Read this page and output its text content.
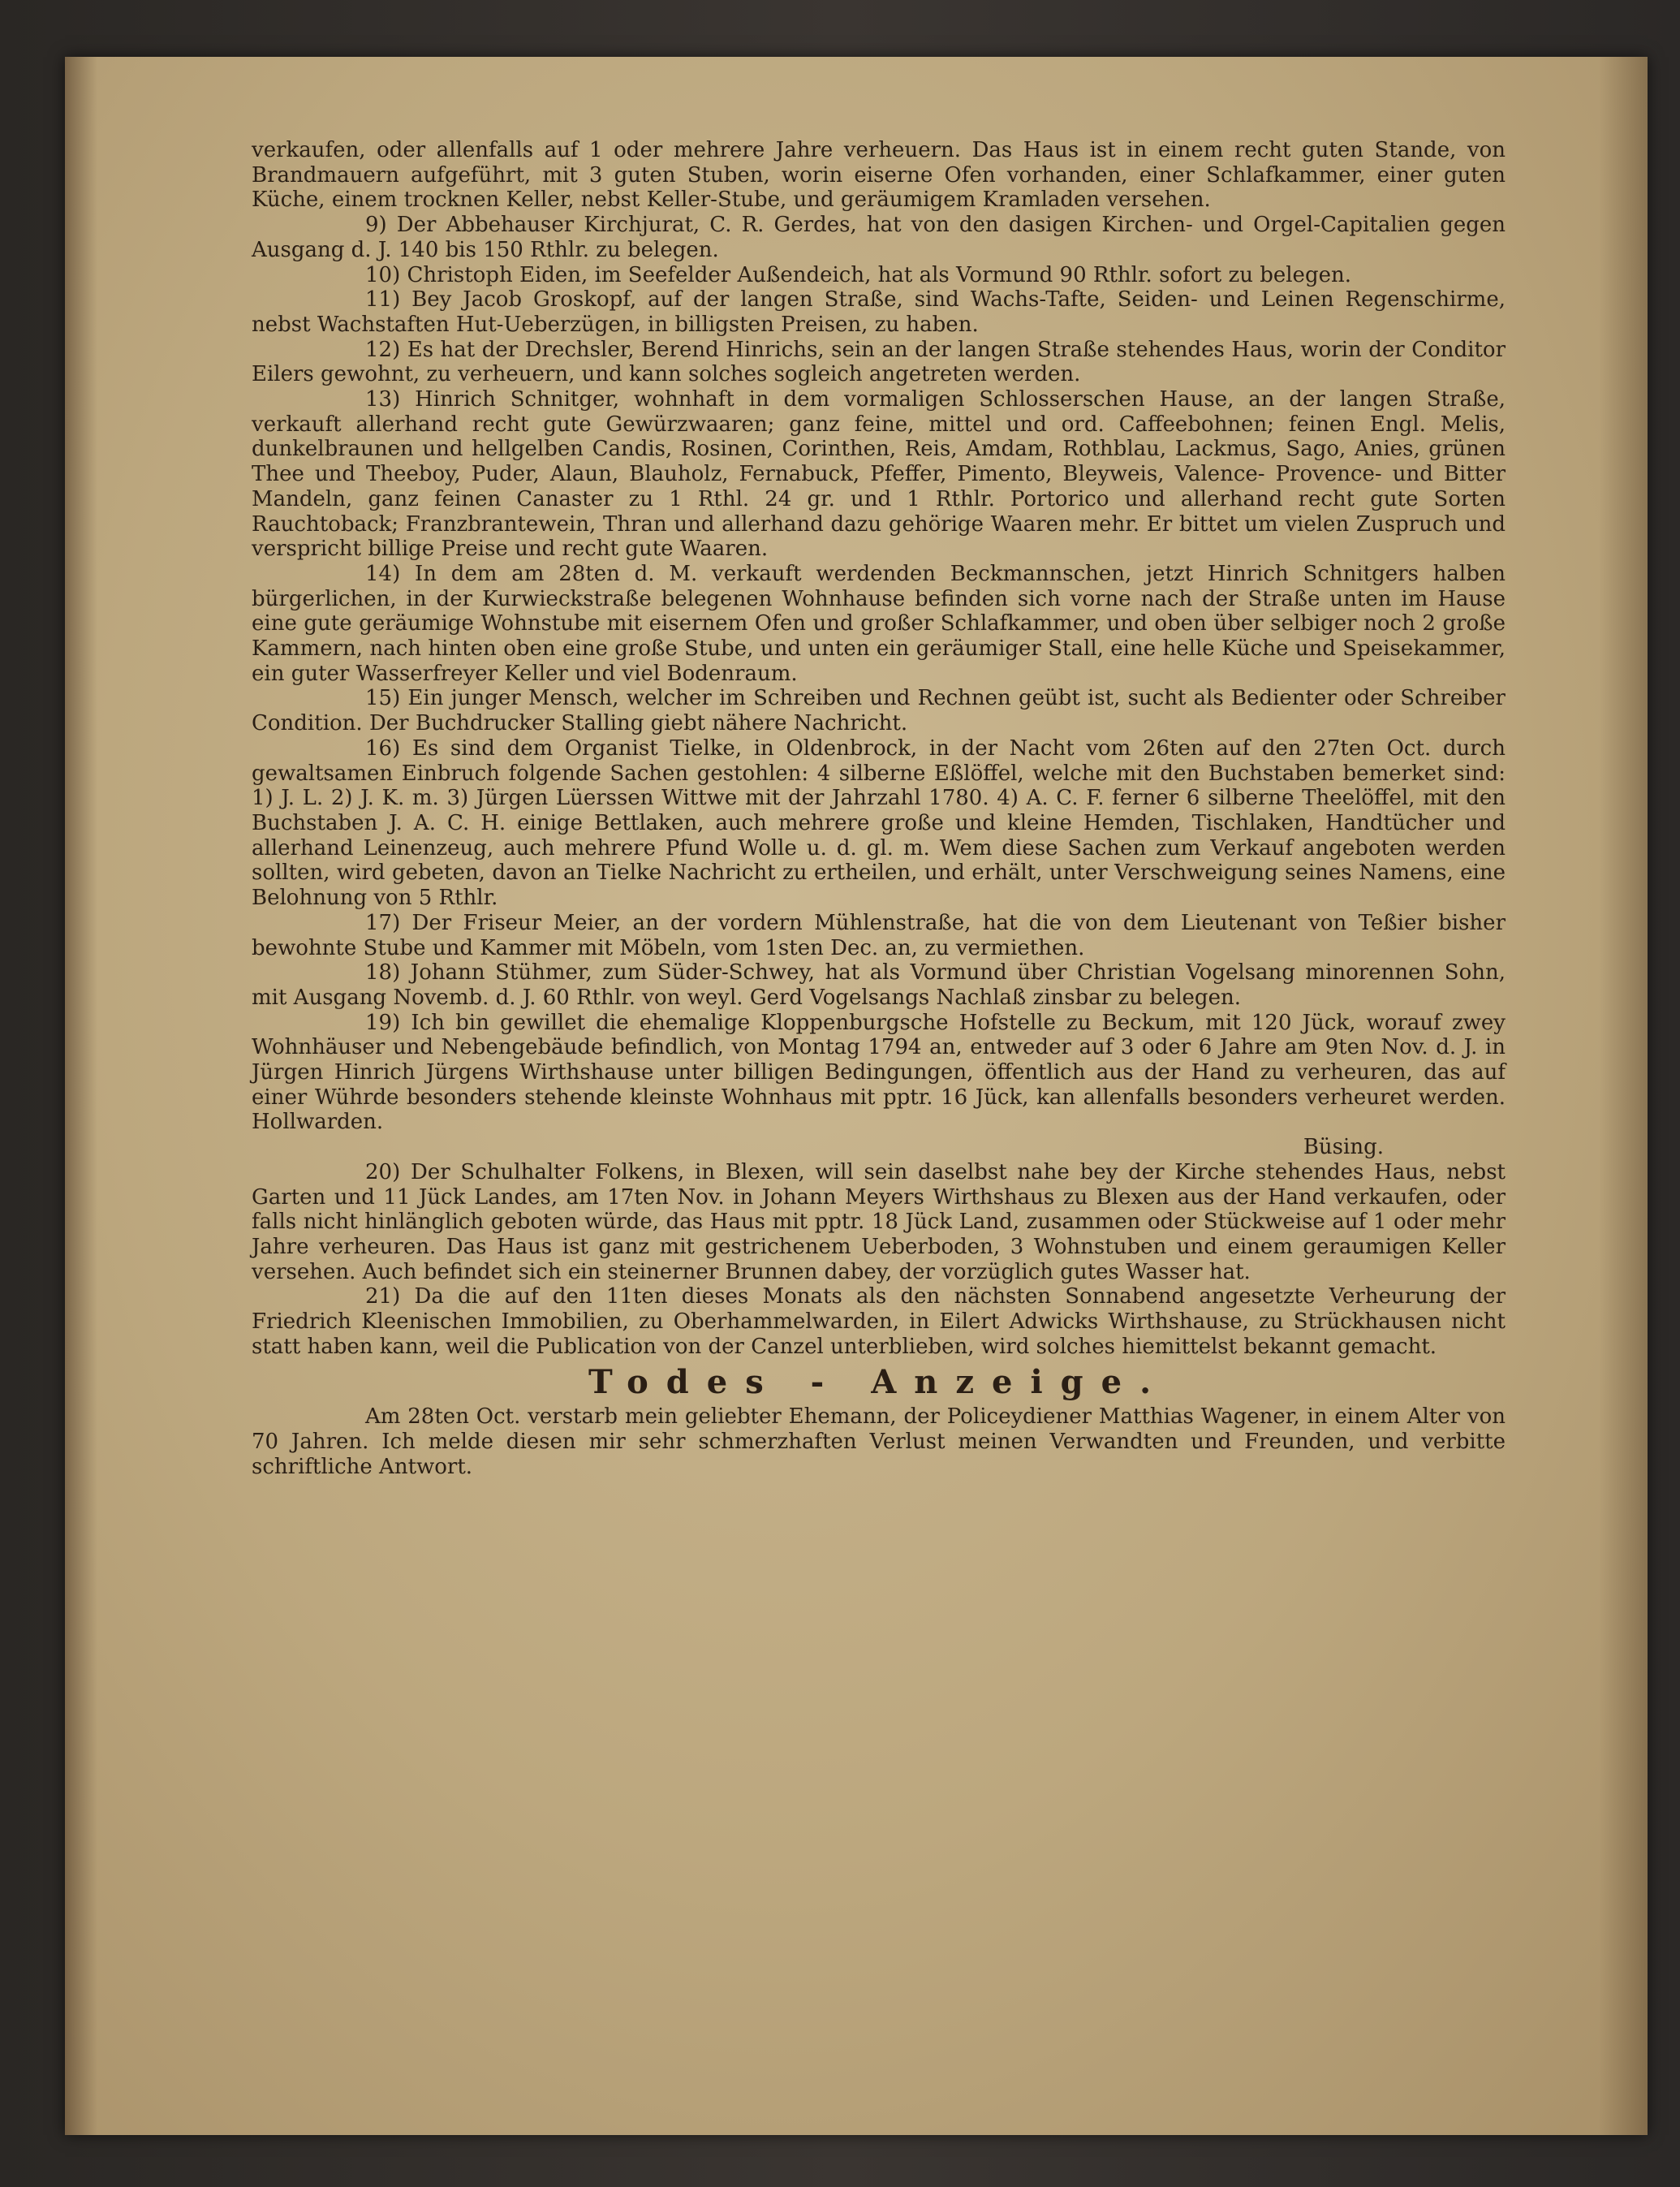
verkaufen, oder allenfalls auf 1 oder mehrere Jahre verheuern. Das Haus ist in einem recht guten Stande, von Brandmauern aufgeführt, mit 3 guten Stuben, worin eiserne Ofen vorhanden, einer Schlafkammer, einer guten Küche, einem trocknen Keller, nebst Keller-Stube, und geräumigem Kramladen versehen.

9) Der Abbehauser Kirchjurat, C. R. Gerdes, hat von den dasigen Kirchen- und Orgel-Capitalien gegen Ausgang d. J. 140 bis 150 Rthlr. zu belegen.

10) Christoph Eiden, im Seefelder Außendeich, hat als Vormund 90 Rthlr. sofort zu belegen.

11) Bey Jacob Groskopf, auf der langen Straße, sind Wachs-Tafte, Seiden- und Leinen Regenschirme, nebst Wachstaften Hut-Ueberzügen, in billigsten Preisen, zu haben.

12) Es hat der Drechsler, Berend Hinrichs, sein an der langen Straße stehendes Haus, worin der Conditor Eilers gewohnt, zu verheuern, und kann solches sogleich angetreten werden.

13) Hinrich Schnitger, wohnhaft in dem vormaligen Schlosserschen Hause, an der langen Straße, verkauft allerhand recht gute Gewürzwaaren; ganz feine, mittel und ord. Caffeebohnen; feinen Engl. Melis, dunkelbraunen und hellgelben Candis, Rosinen, Corinthen, Reis, Amdam, Rothblau, Lackmus, Sago, Anies, grünen Thee und Theeboy, Puder, Alaun, Blauholz, Fernabuck, Pfeffer, Pimento, Bleyweis, Valence- Provence- und Bitter Mandeln, ganz feinen Canaster zu 1 Rthl. 24 gr. und 1 Rthlr. Portorico und allerhand recht gute Sorten Rauchtoback; Franzbrantewein, Thran und allerhand dazu gehörige Waaren mehr. Er bittet um vielen Zuspruch und verspricht billige Preise und recht gute Waaren.

14) In dem am 28ten d. M. verkauft werdenden Beckmannschen, jetzt Hinrich Schnitgers halben bürgerlichen, in der Kurwieckstraße belegenen Wohnhause befinden sich vorne nach der Straße unten im Hause eine gute geräumige Wohnstube mit eisernem Ofen und großer Schlafkammer, und oben über selbiger noch 2 große Kammern, nach hinten oben eine große Stube, und unten ein geräumiger Stall, eine helle Küche und Speisekammer, ein guter Wasserfreyer Keller und viel Bodenraum.

15) Ein junger Mensch, welcher im Schreiben und Rechnen geübt ist, sucht als Bedienter oder Schreiber Condition. Der Buchdrucker Stalling giebt nähere Nachricht.

16) Es sind dem Organist Tielke, in Oldenbrock, in der Nacht vom 26ten auf den 27ten Oct. durch gewaltsamen Einbruch folgende Sachen gestohlen: 4 silberne Eßlöffel, welche mit den Buchstaben bemerket sind: 1) J. L. 2) J. K. m. 3) Jürgen Lüerssen Wittwe mit der Jahrzahl 1780. 4) A. C. F. ferner 6 silberne Theelöffel, mit den Buchstaben J. A. C. H. einige Bettlaken, auch mehrere große und kleine Hemden, Tischlaken, Handtücher und allerhand Leinenzeug, auch mehrere Pfund Wolle u. d. gl. m. Wem diese Sachen zum Verkauf angeboten werden sollten, wird gebeten, davon an Tielke Nachricht zu ertheilen, und erhält, unter Verschweigung seines Namens, eine Belohnung von 5 Rthlr.

17) Der Friseur Meier, an der vordern Mühlenstraße, hat die von dem Lieutenant von Teßier bisher bewohnte Stube und Kammer mit Möbeln, vom 1sten Dec. an, zu vermiethen.

18) Johann Stühmer, zum Süder-Schwey, hat als Vormund über Christian Vogelsang minorennen Sohn, mit Ausgang Novemb. d. J. 60 Rthlr. von weyl. Gerd Vogelsangs Nachlaß zinsbar zu belegen.

19) Ich bin gewillet die ehemalige Kloppenburgsche Hofstelle zu Beckum, mit 120 Jück, worauf zwey Wohnhäuser und Nebengebäude befindlich, von Montag 1794 an, entweder auf 3 oder 6 Jahre am 9ten Nov. d. J. in Jürgen Hinrich Jürgens Wirthshause unter billigen Bedingungen, öffentlich aus der Hand zu verheuren, das auf einer Wührde besonders stehende kleinste Wohnhaus mit pptr. 16 Jück, kan allenfalls besonders verheuret werden. Hollwarden.

Büsing.

20) Der Schulhalter Folkens, in Blexen, will sein daselbst nahe bey der Kirche stehendes Haus, nebst Garten und 11 Jück Landes, am 17ten Nov. in Johann Meyers Wirthshaus zu Blexen aus der Hand verkaufen, oder falls nicht hinlänglich geboten würde, das Haus mit pptr. 18 Jück Land, zusammen oder Stückweise auf 1 oder mehr Jahre verheuren. Das Haus ist ganz mit gestrichenem Ueberboden, 3 Wohnstuben und einem geraumigen Keller versehen. Auch befindet sich ein steinerner Brunnen dabey, der vorzüglich gutes Wasser hat.

21) Da die auf den 11ten dieses Monats als den nächsten Sonnabend angesetzte Verheurung der Friedrich Kleenischen Immobilien, zu Oberhammelwarden, in Eilert Adwicks Wirthshause, zu Strückhausen nicht statt haben kann, weil die Publication von der Canzel unterblieben, wird solches hiemittelst bekannt gemacht.

Todes - Anzeige.

Am 28ten Oct. verstarb mein geliebter Ehemann, der Policeydiener Matthias Wagener, in einem Alter von 70 Jahren. Ich melde diesen mir sehr schmerzhaften Verlust meinen Verwandten und Freunden, und verbitte schriftliche Antwort.
